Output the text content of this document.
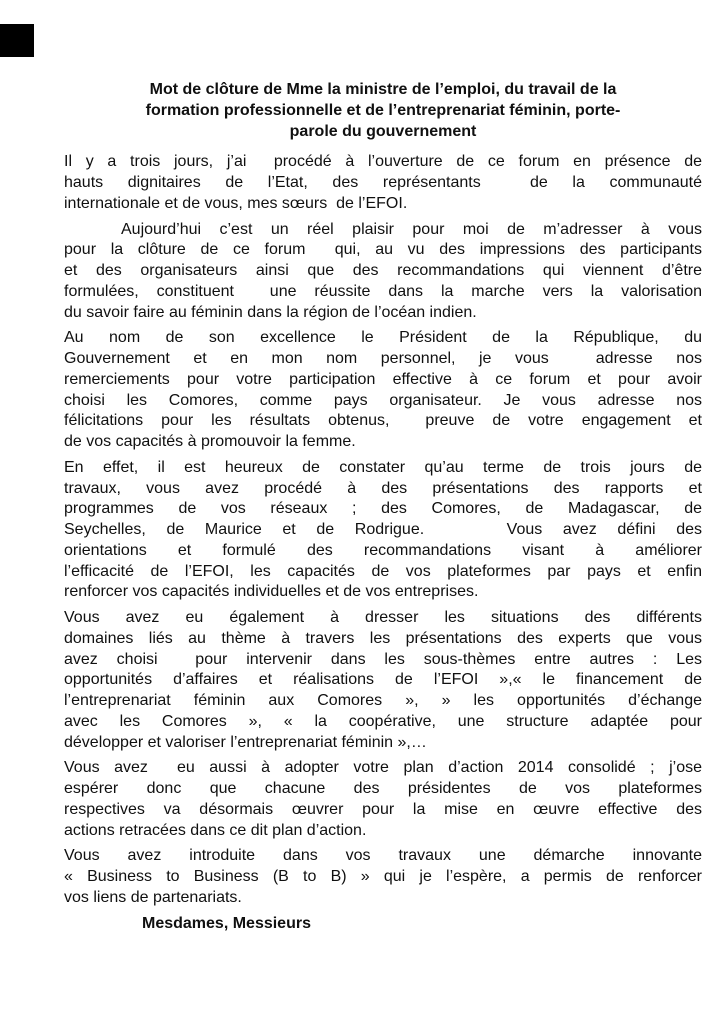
Mot de clôture de Mme la ministre de l’emploi, du travail de la
formation professionnelle et de l’entreprenariat féminin, porte-
parole du gouvernement

Il y a trois jours, j’ai  procédé à l’ouverture de ce forum en présence de
hauts dignitaires de l’Etat, des représentants  de la communauté
internationale et de vous, mes sœurs  de l’EFOI.

Aujourd’hui c’est un réel plaisir pour moi de m’adresser à vous
pour la clôture de ce forum  qui, au vu des impressions des participants
et des organisateurs ainsi que des recommandations qui viennent d’être
formulées, constituent  une réussite dans la marche vers la valorisation
du savoir faire au féminin dans la région de l’océan indien.

Au nom de son excellence le Président de la République, du
Gouvernement et en mon nom personnel, je vous  adresse nos
remerciements pour votre participation effective à ce forum et pour avoir
choisi les Comores, comme pays organisateur. Je vous adresse nos
félicitations pour les résultats obtenus,  preuve de votre engagement et
de vos capacités à promouvoir la femme.

En effet, il est heureux de constater qu’au terme de trois jours de
travaux, vous avez procédé à des présentations des rapports et
programmes de vos réseaux ; des Comores, de Madagascar, de
Seychelles, de Maurice et de Rodrigue.    Vous avez défini des
orientations et formulé des recommandations visant à améliorer
l’efficacité de l’EFOI, les capacités de vos plateformes par pays et enfin
renforcer vos capacités individuelles et de vos entreprises.

Vous avez eu également à dresser les situations des différents
domaines liés au thème à travers les présentations des experts que vous
avez choisi  pour intervenir dans les sous-thèmes entre autres : Les
opportunités d’affaires et réalisations de l’EFOI »,« le financement de
l’entreprenariat féminin aux Comores », » les opportunités d’échange
avec les Comores », « la coopérative, une structure adaptée pour
développer et valoriser l’entreprenariat féminin »,…

Vous avez  eu aussi à adopter votre plan d’action 2014 consolidé ; j’ose
espérer donc que chacune des présidentes de vos plateformes
respectives va désormais œuvrer pour la mise en œuvre effective des
actions retracées dans ce dit plan d’action.

Vous avez introduite dans vos travaux une démarche innovante
« Business to Business (B to B) » qui je l’espère, a permis de renforcer
vos liens de partenariats.

Mesdames, Messieurs
